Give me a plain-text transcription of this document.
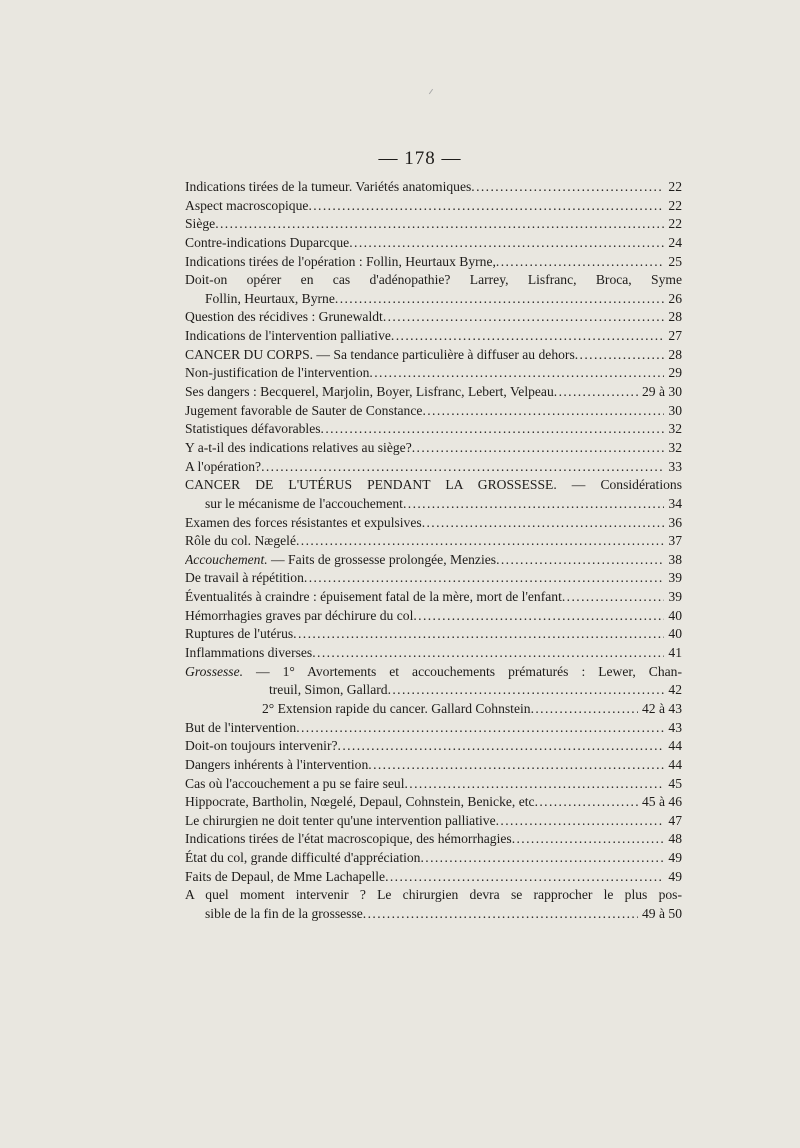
— 178 —
Indications tirées de la tumeur. Variétés anatomiques . . .	22
Aspect macroscopique . . .	22
Siège . . .	22
Contre-indications Duparcque . . .	24
Indications tirées de l'opération : Follin, Heurtaux Byrne, . . .	25
Doit-on opérer en cas d'adénopathie? Larrey, Lisfranc, Broca, Syme
Follin, Heurtaux, Byrne . . .	26
Question des récidives : Grunewaldt . . .	28
Indications de l'intervention palliative . . .	27
CANCER DU CORPS. — Sa tendance particulière à diffuser au dehors . . .	28
Non-justification de l'intervention . . .	29
Ses dangers : Becquerel, Marjolin, Boyer, Lisfranc, Lebert, Velpeau . . .	29 à 30
Jugement favorable de Sauter de Constance . . .	30
Statistiques défavorables . . .	32
Y a-t-il des indications relatives au siège? . . .	32
A l'opération? . . .	33
CANCER DE L'UTÉRUS PENDANT LA GROSSESSE. — Considérations
sur le mécanisme de l'accouchement . . .	34
Examen des forces résistantes et expulsives . . .	36
Rôle du col. Nægelé . . .	37
Accouchement. — Faits de grossesse prolongée, Menzies . . .	38
De travail à répétition . . .	39
Éventualités à craindre : épuisement fatal de la mère, mort de l'enfant . . .	39
Hémorrhagies graves par déchirure du col . . .	40
Ruptures de l'utérus . . .	40
Inflammations diverses . . .	41
Grossesse. — 1° Avortements et accouchements prématurés : Lewer, Chan-
treuil, Simon, Gallard . . .	42
2° Extension rapide du cancer. Gallard Cohnstein . . .	42 à 43
But de l'intervention . . .	43
Doit-on toujours intervenir? . . .	44
Dangers inhérents à l'intervention . . .	44
Cas où l'accouchement a pu se faire seul . . .	45
Hippocrate, Bartholin, Nœgelé, Depaul, Cohnstein, Benicke, etc . . .	45 à 46
Le chirurgien ne doit tenter qu'une intervention palliative . . .	47
Indications tirées de l'état macroscopique, des hémorrhagies . . .	48
État du col, grande difficulté d'appréciation . . .	49
Faits de Depaul, de Mme Lachapelle . . .	49
A quel moment intervenir ? Le chirurgien devra se rapprocher le plus pos-
sible de la fin de la grossesse . . .	49 à 50
